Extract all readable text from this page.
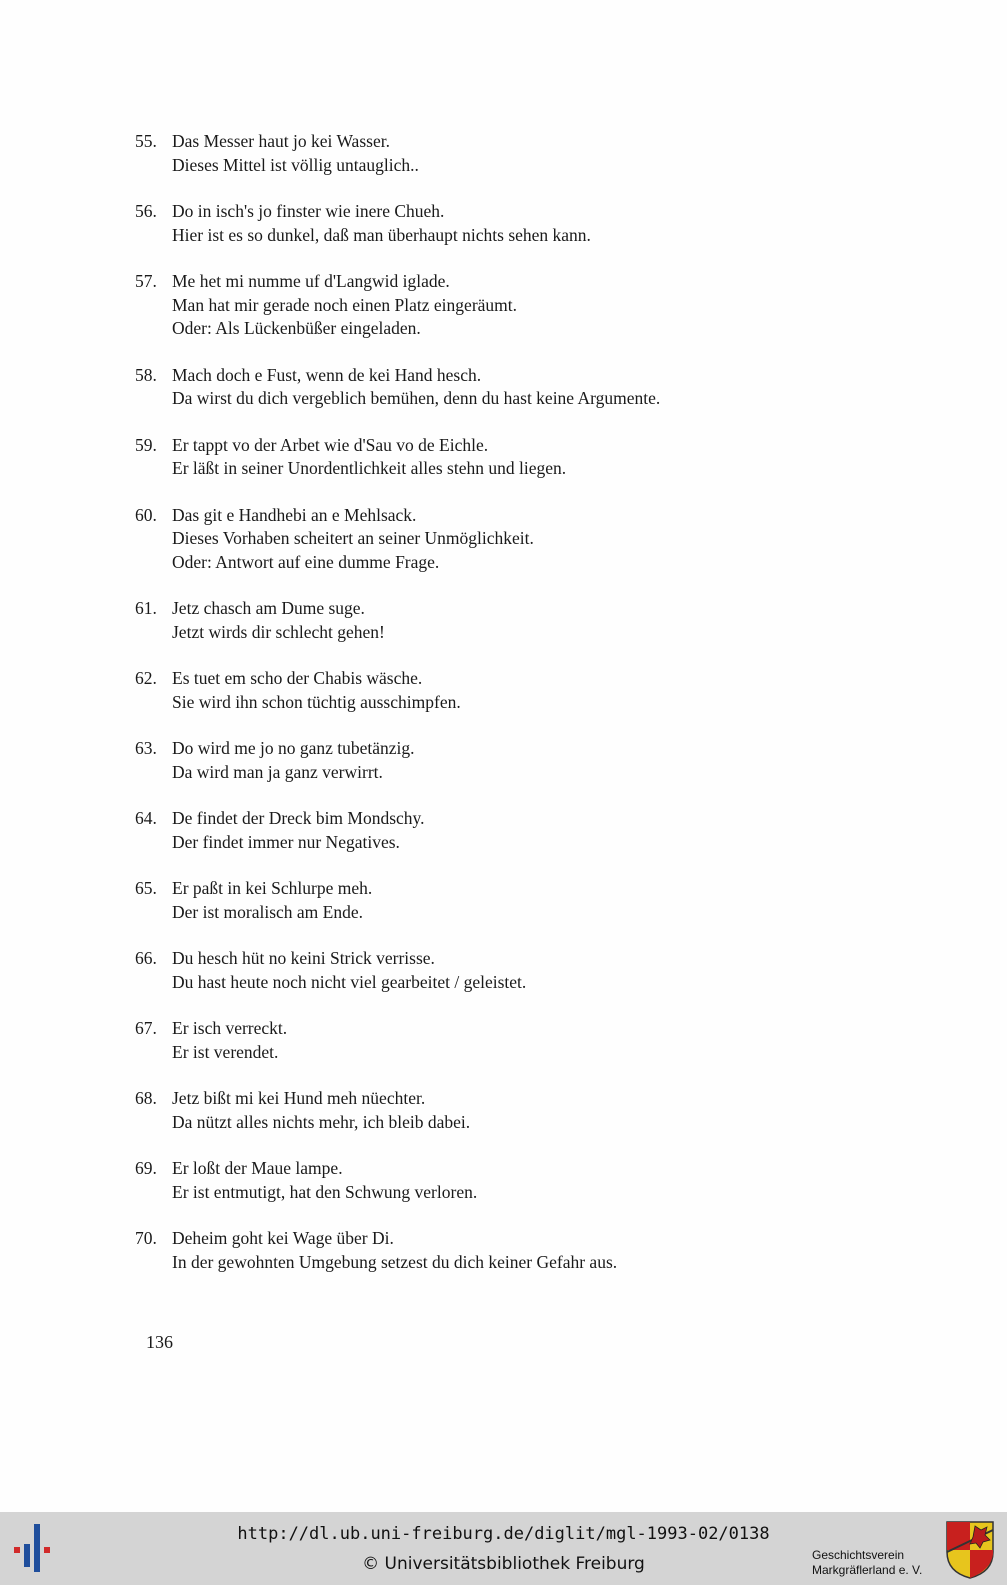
55. Das Messer haut jo kei Wasser.
Dieses Mittel ist völlig untauglich..
56. Do in isch's jo finster wie inere Chueh.
Hier ist es so dunkel, daß man überhaupt nichts sehen kann.
57. Me het mi numme uf d'Langwid iglade.
Man hat mir gerade noch einen Platz eingeräumt.
Oder: Als Lückenbüßer eingeladen.
58. Mach doch e Fust, wenn de kei Hand hesch.
Da wirst du dich vergeblich bemühen, denn du hast keine Argumente.
59. Er tappt vo der Arbet wie d'Sau vo de Eichle.
Er läßt in seiner Unordentlichkeit alles stehn und liegen.
60. Das git e Handhebi an e Mehlsack.
Dieses Vorhaben scheitert an seiner Unmöglichkeit.
Oder: Antwort auf eine dumme Frage.
61. Jetz chasch am Dume suge.
Jetzt wirds dir schlecht gehen!
62. Es tuet em scho der Chabis wäsche.
Sie wird ihn schon tüchtig ausschimpfen.
63. Do wird me jo no ganz tubetänzig.
Da wird man ja ganz verwirrt.
64. De findet der Dreck bim Mondschy.
Der findet immer nur Negatives.
65. Er paßt in kei Schlurpe meh.
Der ist moralisch am Ende.
66. Du hesch hüt no keini Strick verrisse.
Du hast heute noch nicht viel gearbeitet / geleistet.
67. Er isch verreckt.
Er ist verendet.
68. Jetz bißt mi kei Hund meh nüechter.
Da nützt alles nichts mehr, ich bleib dabei.
69. Er loßt der Maue lampe.
Er ist entmutigt, hat den Schwung verloren.
70. Deheim goht kei Wage über Di.
In der gewohnten Umgebung setzest du dich keiner Gefahr aus.
136
http://dl.ub.uni-freiburg.de/diglit/mgl-1993-02/0138
© Universitätsbibliothek Freiburg	Geschichtsverein
Markgräflerland e. V.
